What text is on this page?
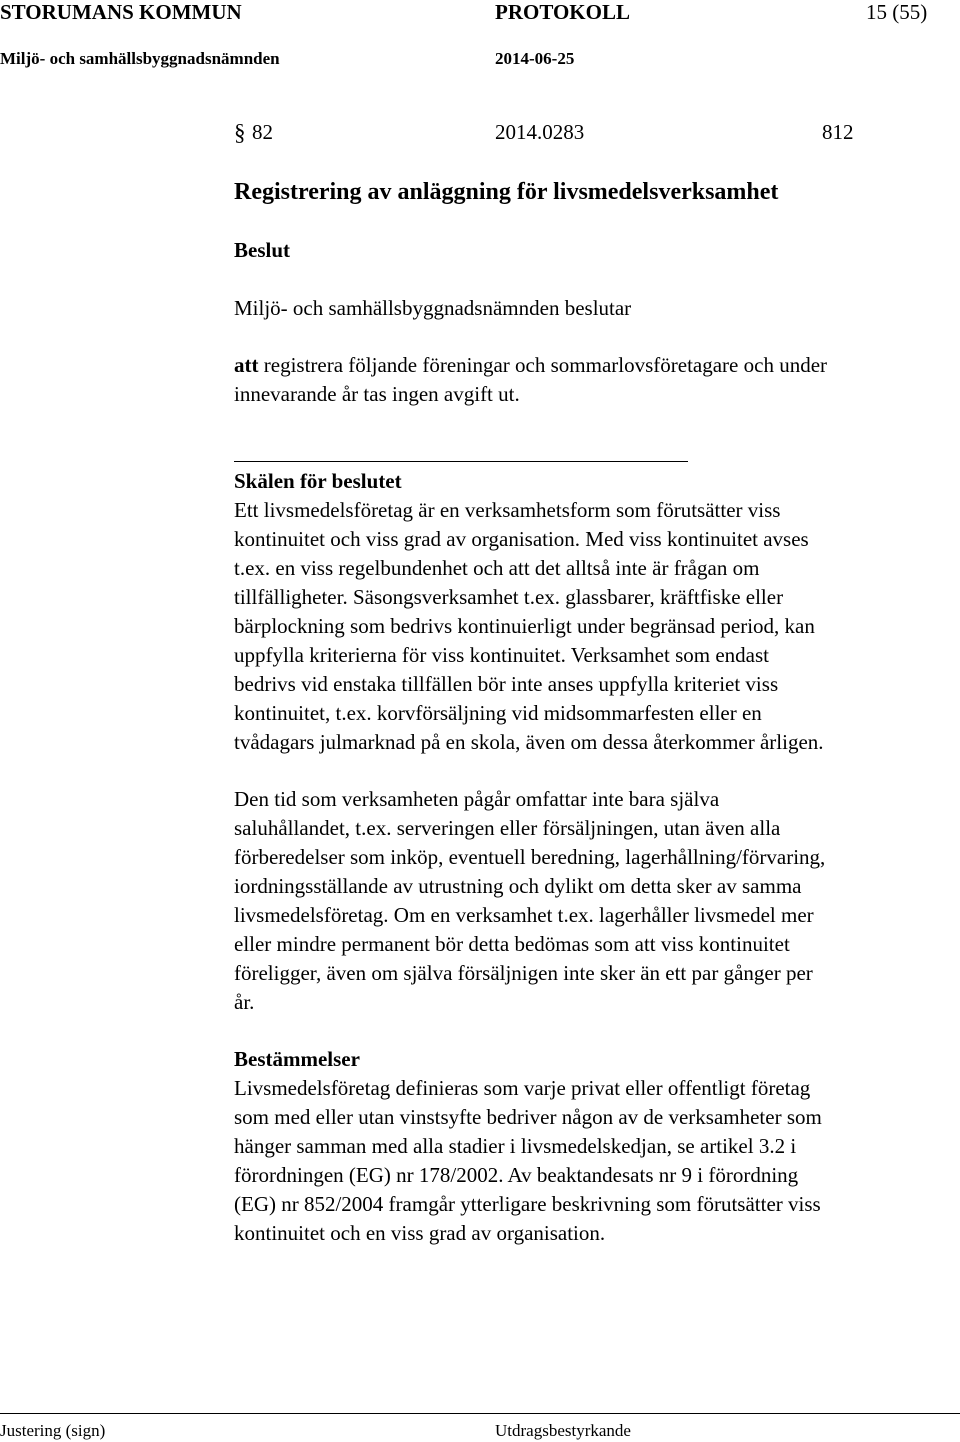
STORUMANS KOMMUN	PROTOKOLL	15 (55)
Miljö- och samhällsbyggnadsnämnden	2014-06-25
§ 82	2014.0283	812
Registrering av anläggning för livsmedelsverksamhet
Beslut
Miljö- och samhällsbyggnadsnämnden beslutar
att registrera följande föreningar och sommarlovsföretagare och under
innevarande år tas ingen avgift ut.
Skälen för beslutet
Ett livsmedelsföretag är en verksamhetsform som förutsätter viss
kontinuitet och viss grad av organisation. Med viss kontinuitet avses
t.ex. en viss regelbundenhet och att det alltså inte är frågan om
tillfälligheter. Säsongsverksamhet t.ex. glassbarer, kräftfiske eller
bärplockning som bedrivs kontinuierligt under begränsad period, kan
uppfylla kriterierna för viss kontinuitet. Verksamhet som endast
bedrivs vid enstaka tillfällen bör inte anses uppfylla kriteriet viss
kontinuitet, t.ex. korvförsäljning vid midsommarfesten eller en
tvådagars julmarknad på en skola, även om dessa återkommer årligen.
Den tid som verksamheten pågår omfattar inte bara själva
saluhållandet, t.ex. serveringen eller försäljningen, utan även alla
förberedelser som inköp, eventuell beredning, lagerhållning/förvaring,
iordningsställande av utrustning och dylikt om detta sker av samma
livsmedelsföretag. Om en verksamhet t.ex. lagerhåller livsmedel mer
eller mindre permanent bör detta bedömas som att viss kontinuitet
föreligger, även om själva försäljnigen inte sker än ett par gånger per
år.
Bestämmelser
Livsmedelsföretag definieras som varje privat eller offentligt företag
som med eller utan vinstsyfte bedriver någon av de verksamheter som
hänger samman med alla stadier i livsmedelskedjan, se artikel 3.2 i
förordningen (EG) nr 178/2002. Av beaktandesats nr 9 i förordning
(EG) nr 852/2004 framgår ytterligare beskrivning som förutsätter viss
kontinuitet och en viss grad av organisation.
Justering (sign)	Utdragsbestyrkande
